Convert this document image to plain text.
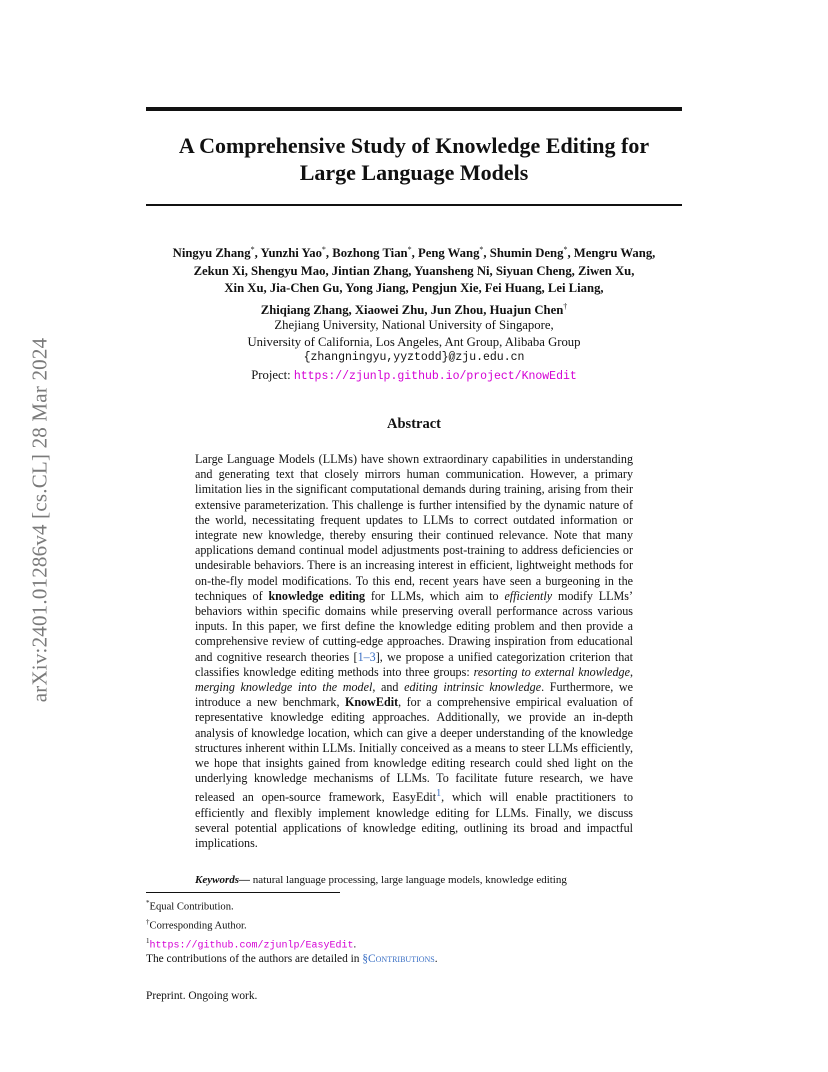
arXiv:2401.01286v4 [cs.CL] 28 Mar 2024
A Comprehensive Study of Knowledge Editing for
Large Language Models
Ningyu Zhang*, Yunzhi Yao*, Bozhong Tian*, Peng Wang*, Shumin Deng*, Mengru Wang,
Zekun Xi, Shengyu Mao, Jintian Zhang, Yuansheng Ni, Siyuan Cheng, Ziwen Xu,
Xin Xu, Jia-Chen Gu, Yong Jiang, Pengjun Xie, Fei Huang, Lei Liang,
Zhiqiang Zhang, Xiaowei Zhu, Jun Zhou, Huajun Chen†
Zhejiang University, National University of Singapore,
University of California, Los Angeles, Ant Group, Alibaba Group
{zhangningyu,yyztodd}@zju.edu.cn
Project: https://zjunlp.github.io/project/KnowEdit
Abstract

Large Language Models (LLMs) have shown extraordinary capabilities in understanding and generating text that closely mirrors human communication. However, a primary limitation lies in the significant computational demands during training, arising from their extensive parameterization. This challenge is further intensified by the dynamic nature of the world, necessitating frequent updates to LLMs to correct outdated information or integrate new knowledge, thereby ensuring their continued relevance. Note that many applications demand continual model adjustments post-training to address deficiencies or undesirable behaviors. There is an increasing interest in efficient, lightweight methods for on-the-fly model modifications. To this end, recent years have seen a burgeoning in the techniques of knowledge editing for LLMs, which aim to efficiently modify LLMs’ behaviors within specific domains while preserving overall performance across various inputs. In this paper, we first define the knowledge editing problem and then provide a comprehensive review of cutting-edge approaches. Drawing inspiration from educational and cognitive research theories [1–3], we propose a unified categorization criterion that classifies knowledge editing methods into three groups: resorting to external knowledge, merging knowledge into the model, and editing intrinsic knowledge. Furthermore, we introduce a new benchmark, KnowEdit, for a comprehensive empirical evaluation of representative knowledge editing approaches. Additionally, we provide an in-depth analysis of knowledge location, which can give a deeper understanding of the knowledge structures inherent within LLMs. Initially conceived as a means to steer LLMs efficiently, we hope that insights gained from knowledge editing research could shed light on the underlying knowledge mechanisms of LLMs. To facilitate future research, we have released an open-source framework, EasyEdit$^1$, which will enable practitioners to efficiently and flexibly implement knowledge editing for LLMs. Finally, we discuss several potential applications of knowledge editing, outlining its broad and impactful implications.

Keywords— natural language processing, large language models, knowledge editing

*Equal Contribution.
†Corresponding Author.
$^1$https://github.com/zjunlp/EasyEdit.

The contributions of the authors are detailed in §Contributions.

Preprint. Ongoing work.
